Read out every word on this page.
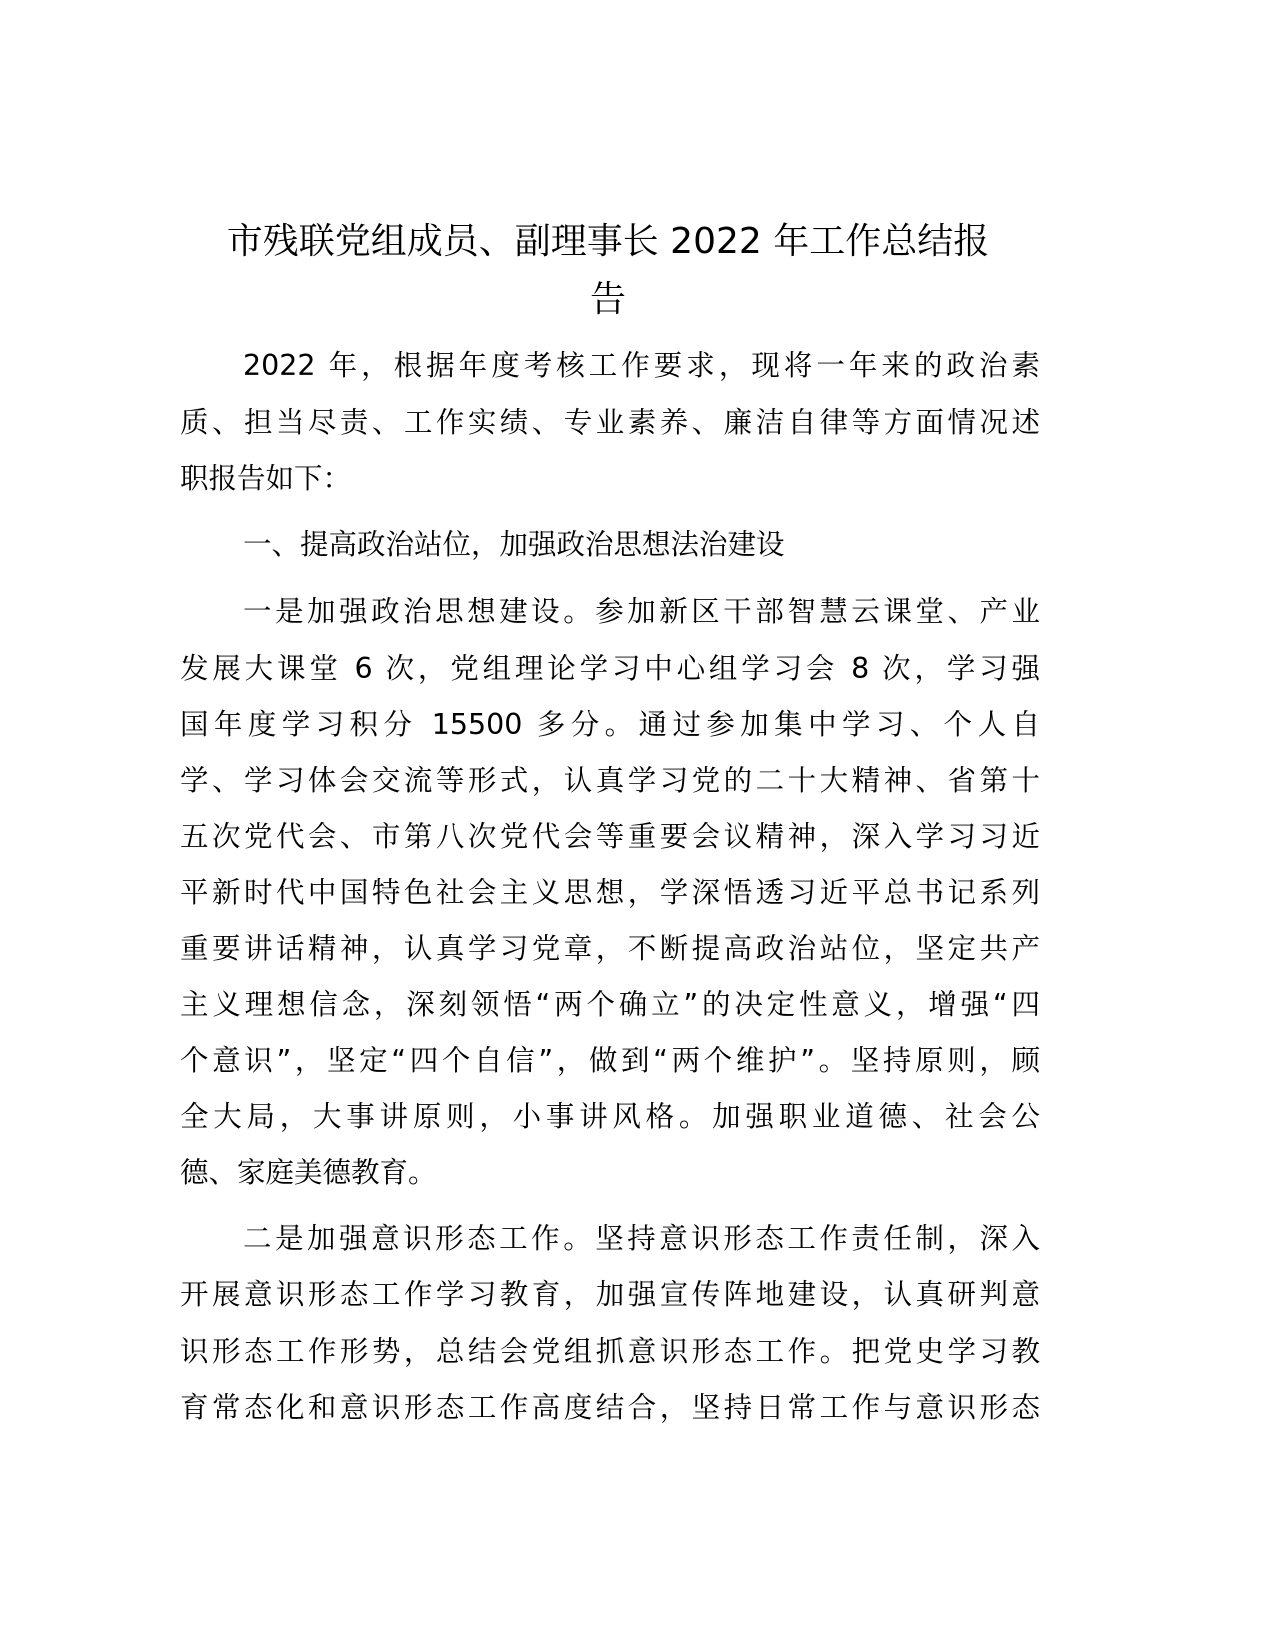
市残联党组成员、副理事长 2022 年工作总结报
告
2022 年，根据年度考核工作要求，现将一年来的政治素
质、担当尽责、工作实绩、专业素养、廉洁自律等方面情况述
职报告如下：
一、提高政治站位，加强政治思想法治建设
一是加强政治思想建设。参加新区干部智慧云课堂、产业
发展大课堂 6 次，党组理论学习中心组学习会 8 次，学习强
国年度学习积分 15500 多分。通过参加集中学习、个人自
学、学习体会交流等形式，认真学习党的二十大精神、省第十
五次党代会、市第八次党代会等重要会议精神，深入学习习近
平新时代中国特色社会主义思想，学深悟透习近平总书记系列
重要讲话精神，认真学习党章，不断提高政治站位，坚定共产
主义理想信念，深刻领悟“两个确立”的决定性意义，增强“四
个意识”，坚定“四个自信”，做到“两个维护”。坚持原则，顾
全大局，大事讲原则，小事讲风格。加强职业道德、社会公
德、家庭美德教育。
二是加强意识形态工作。坚持意识形态工作责任制，深入
开展意识形态工作学习教育，加强宣传阵地建设，认真研判意
识形态工作形势，总结会党组抓意识形态工作。把党史学习教
育常态化和意识形态工作高度结合，坚持日常工作与意识形态
